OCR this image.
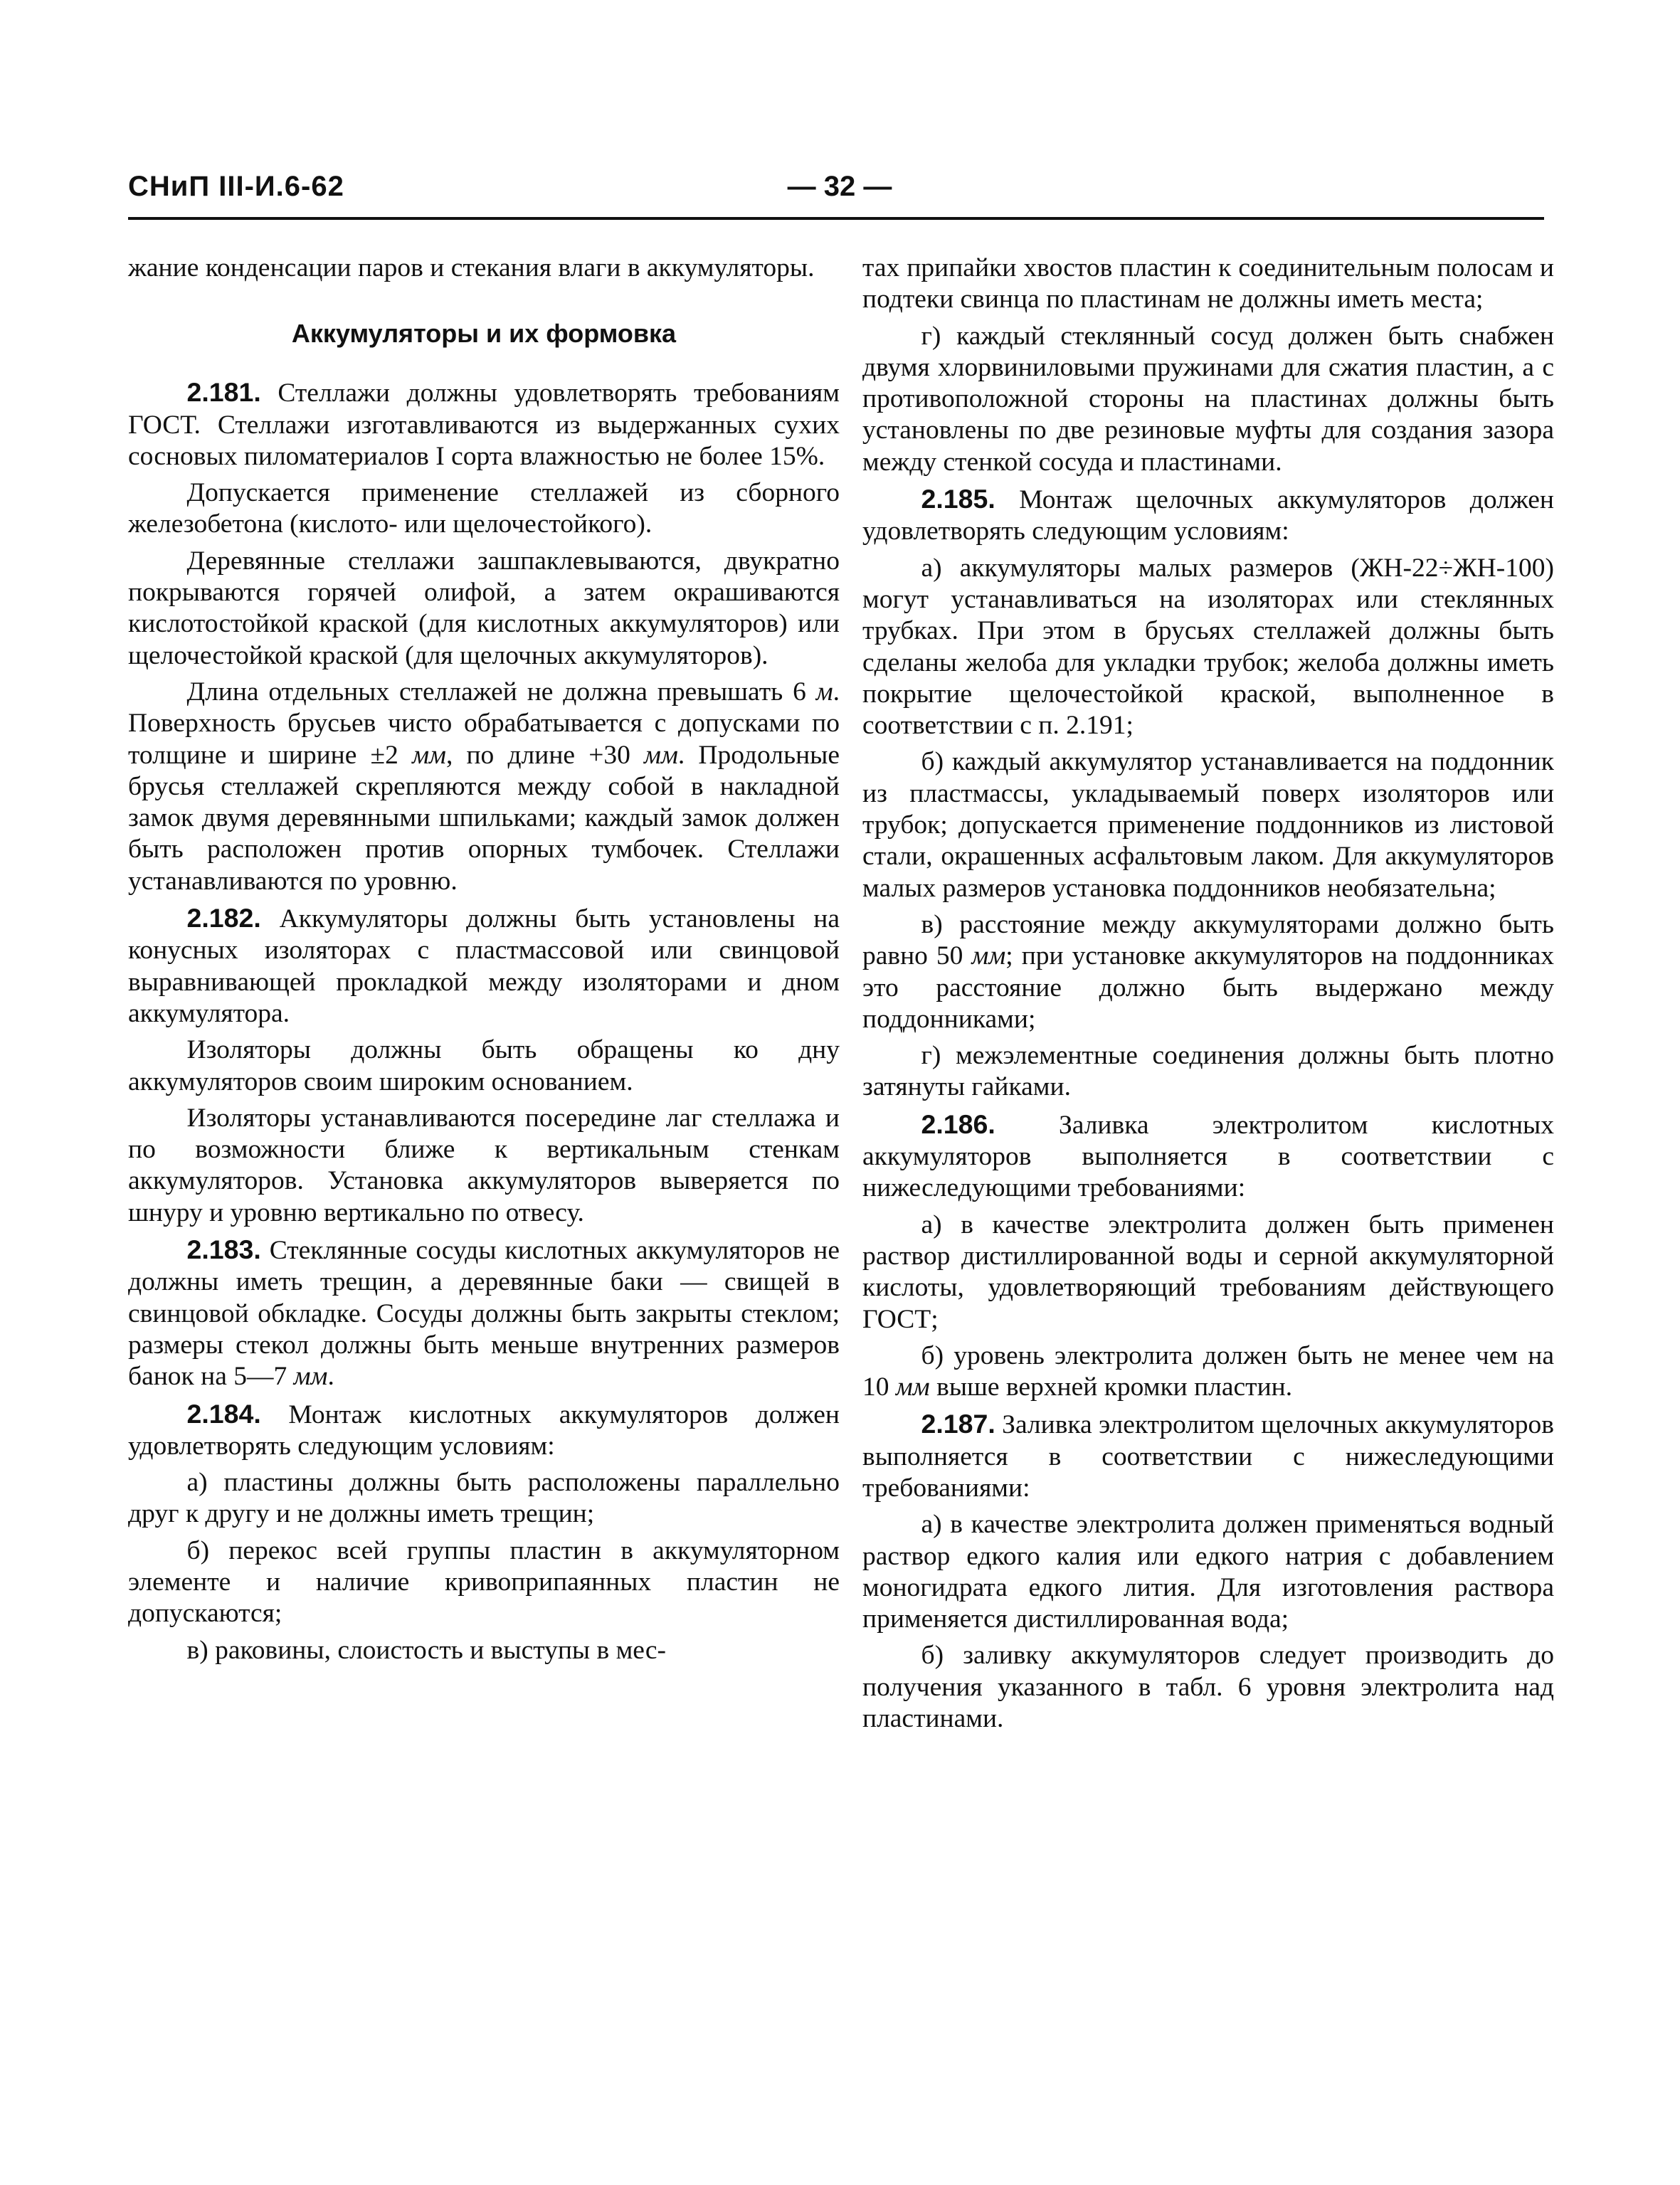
СНиП III-И.6-62	— 32 —

жание конденсации паров и стекания влаги в аккумуляторы.

Аккумуляторы и их формовка

2.181. Стеллажи должны удовлетворять требованиям ГОСТ. Стеллажи изготавливаются из выдержанных сухих сосновых пиломатериалов I сорта влажностью не более 15%.

Допускается применение стеллажей из сборного железобетона (кислото- или щелочестойкого).

Деревянные стеллажи зашпаклевываются, двукратно покрываются горячей олифой, а затем окрашиваются кислотостойкой краской (для кислотных аккумуляторов) или щелочестойкой краской (для щелочных аккумуляторов).

Длина отдельных стеллажей не должна превышать 6 м. Поверхность брусьев чисто обрабатывается с допусками по толщине и ширине ±2 мм, по длине +30 мм. Продольные брусья стеллажей скрепляются между собой в накладной замок двумя деревянными шпильками; каждый замок должен быть расположен против опорных тумбочек. Стеллажи устанавливаются по уровню.

2.182. Аккумуляторы должны быть установлены на конусных изоляторах с пластмассовой или свинцовой выравнивающей прокладкой между изоляторами и дном аккумулятора.

Изоляторы должны быть обращены ко дну аккумуляторов своим широким основанием.

Изоляторы устанавливаются посередине лаг стеллажа и по возможности ближе к вертикальным стенкам аккумуляторов. Установка аккумуляторов выверяется по шнуру и уровню вертикально по отвесу.

2.183. Стеклянные сосуды кислотных аккумуляторов не должны иметь трещин, а деревянные баки — свищей в свинцовой обкладке. Сосуды должны быть закрыты стеклом; размеры стекол должны быть меньше внутренних размеров банок на 5—7 мм.

2.184. Монтаж кислотных аккумуляторов должен удовлетворять следующим условиям:

а) пластины должны быть расположены параллельно друг к другу и не должны иметь трещин;

б) перекос всей группы пластин в аккумуляторном элементе и наличие кривоприпаянных пластин не допускаются;

в) раковины, слоистость и выступы в мес-

тах припайки хвостов пластин к соединительным полосам и подтеки свинца по пластинам не должны иметь места;

г) каждый стеклянный сосуд должен быть снабжен двумя хлорвиниловыми пружинами для сжатия пластин, а с противоположной стороны на пластинах должны быть установлены по две резиновые муфты для создания зазора между стенкой сосуда и пластинами.

2.185. Монтаж щелочных аккумуляторов должен удовлетворять следующим условиям:

а) аккумуляторы малых размеров (ЖН-22÷ЖН-100) могут устанавливаться на изоляторах или стеклянных трубках. При этом в брусьях стеллажей должны быть сделаны желоба для укладки трубок; желоба должны иметь покрытие щелочестойкой краской, выполненное в соответствии с п. 2.191;

б) каждый аккумулятор устанавливается на поддонник из пластмассы, укладываемый поверх изоляторов или трубок; допускается применение поддонников из листовой стали, окрашенных асфальтовым лаком. Для аккумуляторов малых размеров установка поддонников необязательна;

в) расстояние между аккумуляторами должно быть равно 50 мм; при установке аккумуляторов на поддонниках это расстояние должно быть выдержано между поддонниками;

г) межэлементные соединения должны быть плотно затянуты гайками.

2.186. Заливка электролитом кислотных аккумуляторов выполняется в соответствии с нижеследующими требованиями:

а) в качестве электролита должен быть применен раствор дистиллированной воды и серной аккумуляторной кислоты, удовлетворяющий требованиям действующего ГОСТ;

б) уровень электролита должен быть не менее чем на 10 мм выше верхней кромки пластин.

2.187. Заливка электролитом щелочных аккумуляторов выполняется в соответствии с нижеследующими требованиями:

а) в качестве электролита должен применяться водный раствор едкого калия или едкого натрия с добавлением моногидрата едкого лития. Для изготовления раствора применяется дистиллированная вода;

б) заливку аккумуляторов следует производить до получения указанного в табл. 6 уровня электролита над пластинами.
